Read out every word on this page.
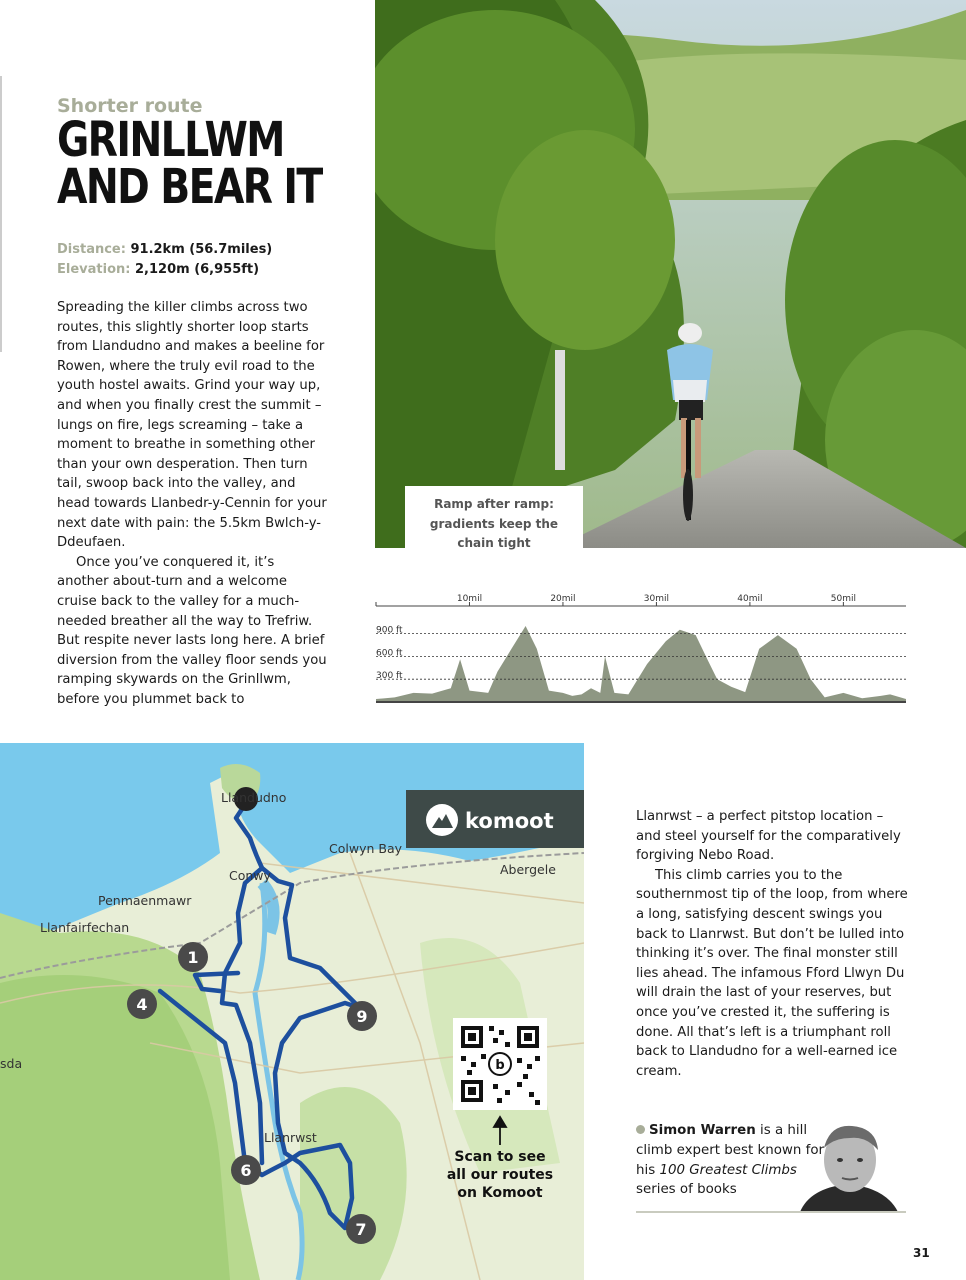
Shorter route
GRINLLWM
AND BEAR IT
Distance: 91.2km (56.7miles)
Elevation: 2,120m (6,955ft)

Spreading the killer climbs across two routes, this slightly shorter loop starts from Llandudno and makes a beeline for Rowen, where the truly evil road to the youth hostel awaits. Grind your way up, and when you finally crest the summit – lungs on fire, legs screaming – take a moment to breathe in something other than your own desperation. Then turn tail, swoop back into the valley, and head towards Llanbedr-y-Cennin for your next date with pain: the 5.5km Bwlch-y-Ddeufaen.

Once you’ve conquered it, it’s another about-turn and a welcome cruise back to the valley for a much-needed breather all the way to Trefriw. But respite never lasts long here. A brief diversion from the valley floor sends you ramping skywards on the Grinllwm, before you plummet back to

Ramp after ramp:
gradients keep the
chain tight
10mil	20mil	30mil	40mil	50mil
900 ft
600 ft
300 ft
Llandudno
Colwyn Bay
Conwy	Abergele
Penmaenmawr
Llanfairfechan
Llanrwst
sda
1
4
9
6
7
komoot
b
Scan to see
all our routes
on Komoot

Llanrwst – a perfect pitstop location – and steel yourself for the comparatively forgiving Nebo Road.

This climb carries you to the southernmost tip of the loop, from where a long, satisfying descent swings you back to Llanrwst. But don’t be lulled into thinking it’s over. The final monster still lies ahead. The infamous Fford Llwyn Du will drain the last of your reserves, but once you’ve crested it, the suffering is done. All that’s left is a triumphant roll back to Llandudno for a well-earned ice cream.

Simon Warren is a hill climb expert best known for his 100 Greatest Climbs series of books
31
